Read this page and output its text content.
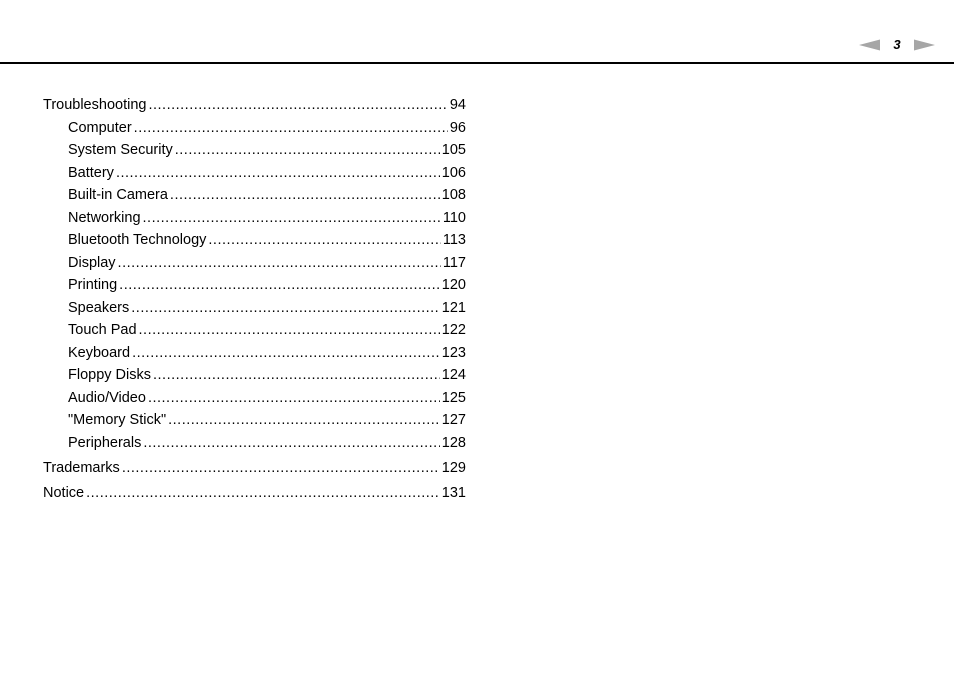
3
Troubleshooting .....	94
Computer .....	96
System Security .....	105
Battery .....	106
Built-in Camera .....	108
Networking .....	110
Bluetooth Technology .....	113
Display .....	117
Printing .....	120
Speakers .....	121
Touch Pad .....	122
Keyboard .....	123
Floppy Disks .....	124
Audio/Video .....	125
"Memory Stick" .....	127
Peripherals .....	128
Trademarks .....	129
Notice .....	131
